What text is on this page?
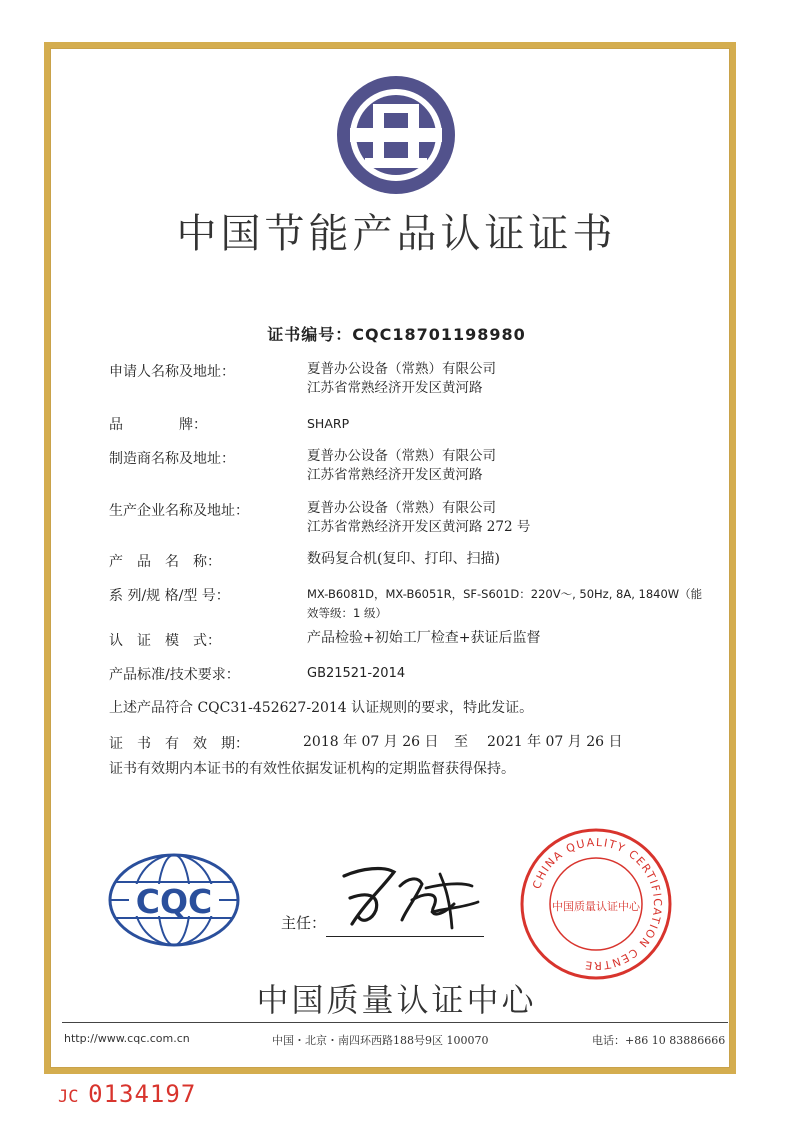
中国节能产品认证证书
证书编号：CQC18701198980
申请人名称及地址：	夏普办公设备（常熟）有限公司
江苏省常熟经济开发区黄河路
品　　　　牌：	SHARP
制造商名称及地址：	夏普办公设备（常熟）有限公司
江苏省常熟经济开发区黄河路
生产企业名称及地址：	夏普办公设备（常熟）有限公司
江苏省常熟经济开发区黄河路 272 号
产　品　名　称：	数码复合机(复印、打印、扫描)
系 列/规 格/型 号：	MX-B6081D，MX-B6051R，SF-S601D：220V～, 50Hz, 8A, 1840W（能
效等级：1 级）
认　证　模　式：	产品检验+初始工厂检查+获证后监督
产品标准/技术要求：	GB21521-2014
上述产品符合 CQC31-452627-2014 认证规则的要求，特此发证。
证　书　有　效　期：	2018 年 07 月 26 日 至 2021 年 07 月 26 日
证书有效期内本证书的有效性依据发证机构的定期监督获得保持。
CQC
主任：
CHINA QUALITY CERTIFICATION CENTRE
中国质量认证中心
中国质量认证中心
http://www.cqc.com.cn	中国・北京・南四环西路188号9区 100070	电话：+86 10 83886666
JC 0134197
